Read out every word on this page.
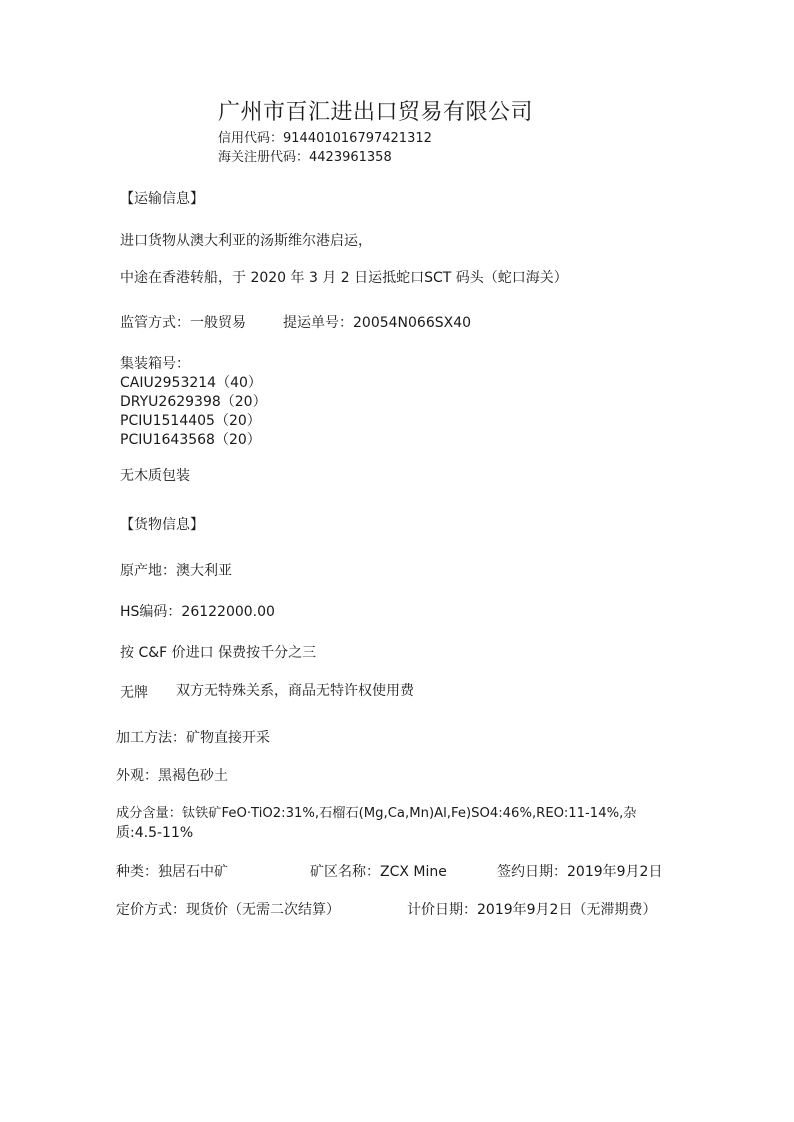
广州市百汇进出口贸易有限公司
信用代码：914401016797421312
海关注册代码：4423961358
【运输信息】
进口货物从澳大利亚的汤斯维尔港启运，
中途在香港转船，于 2020 年 3 月 2 日运抵蛇口SCT 码头（蛇口海关）
监管方式：一般贸易	提运单号：20054N066SX40
集装箱号：
CAIU2953214（40）
DRYU2629398（20）
PCIU1514405（20）
PCIU1643568（20）
无木质包装
【货物信息】
原产地：澳大利亚
HS编码：26122000.00
按 C&F 价进口 保费按千分之三
无牌 双方无特殊关系，商品无特许权使用费
加工方法：矿物直接开采
外观：黑褐色砂土
成分含量：钛铁矿FeO·TiO2:31%,石榴石(Mg,Ca,Mn)Al,Fe)SO4:46%,REO:11-14%,杂
质:4.5-11%
种类：独居石中矿	矿区名称：ZCX Mine	签约日期：2019年9月2日
定价方式：现货价（无需二次结算）	计价日期：2019年9月2日（无滞期费）
